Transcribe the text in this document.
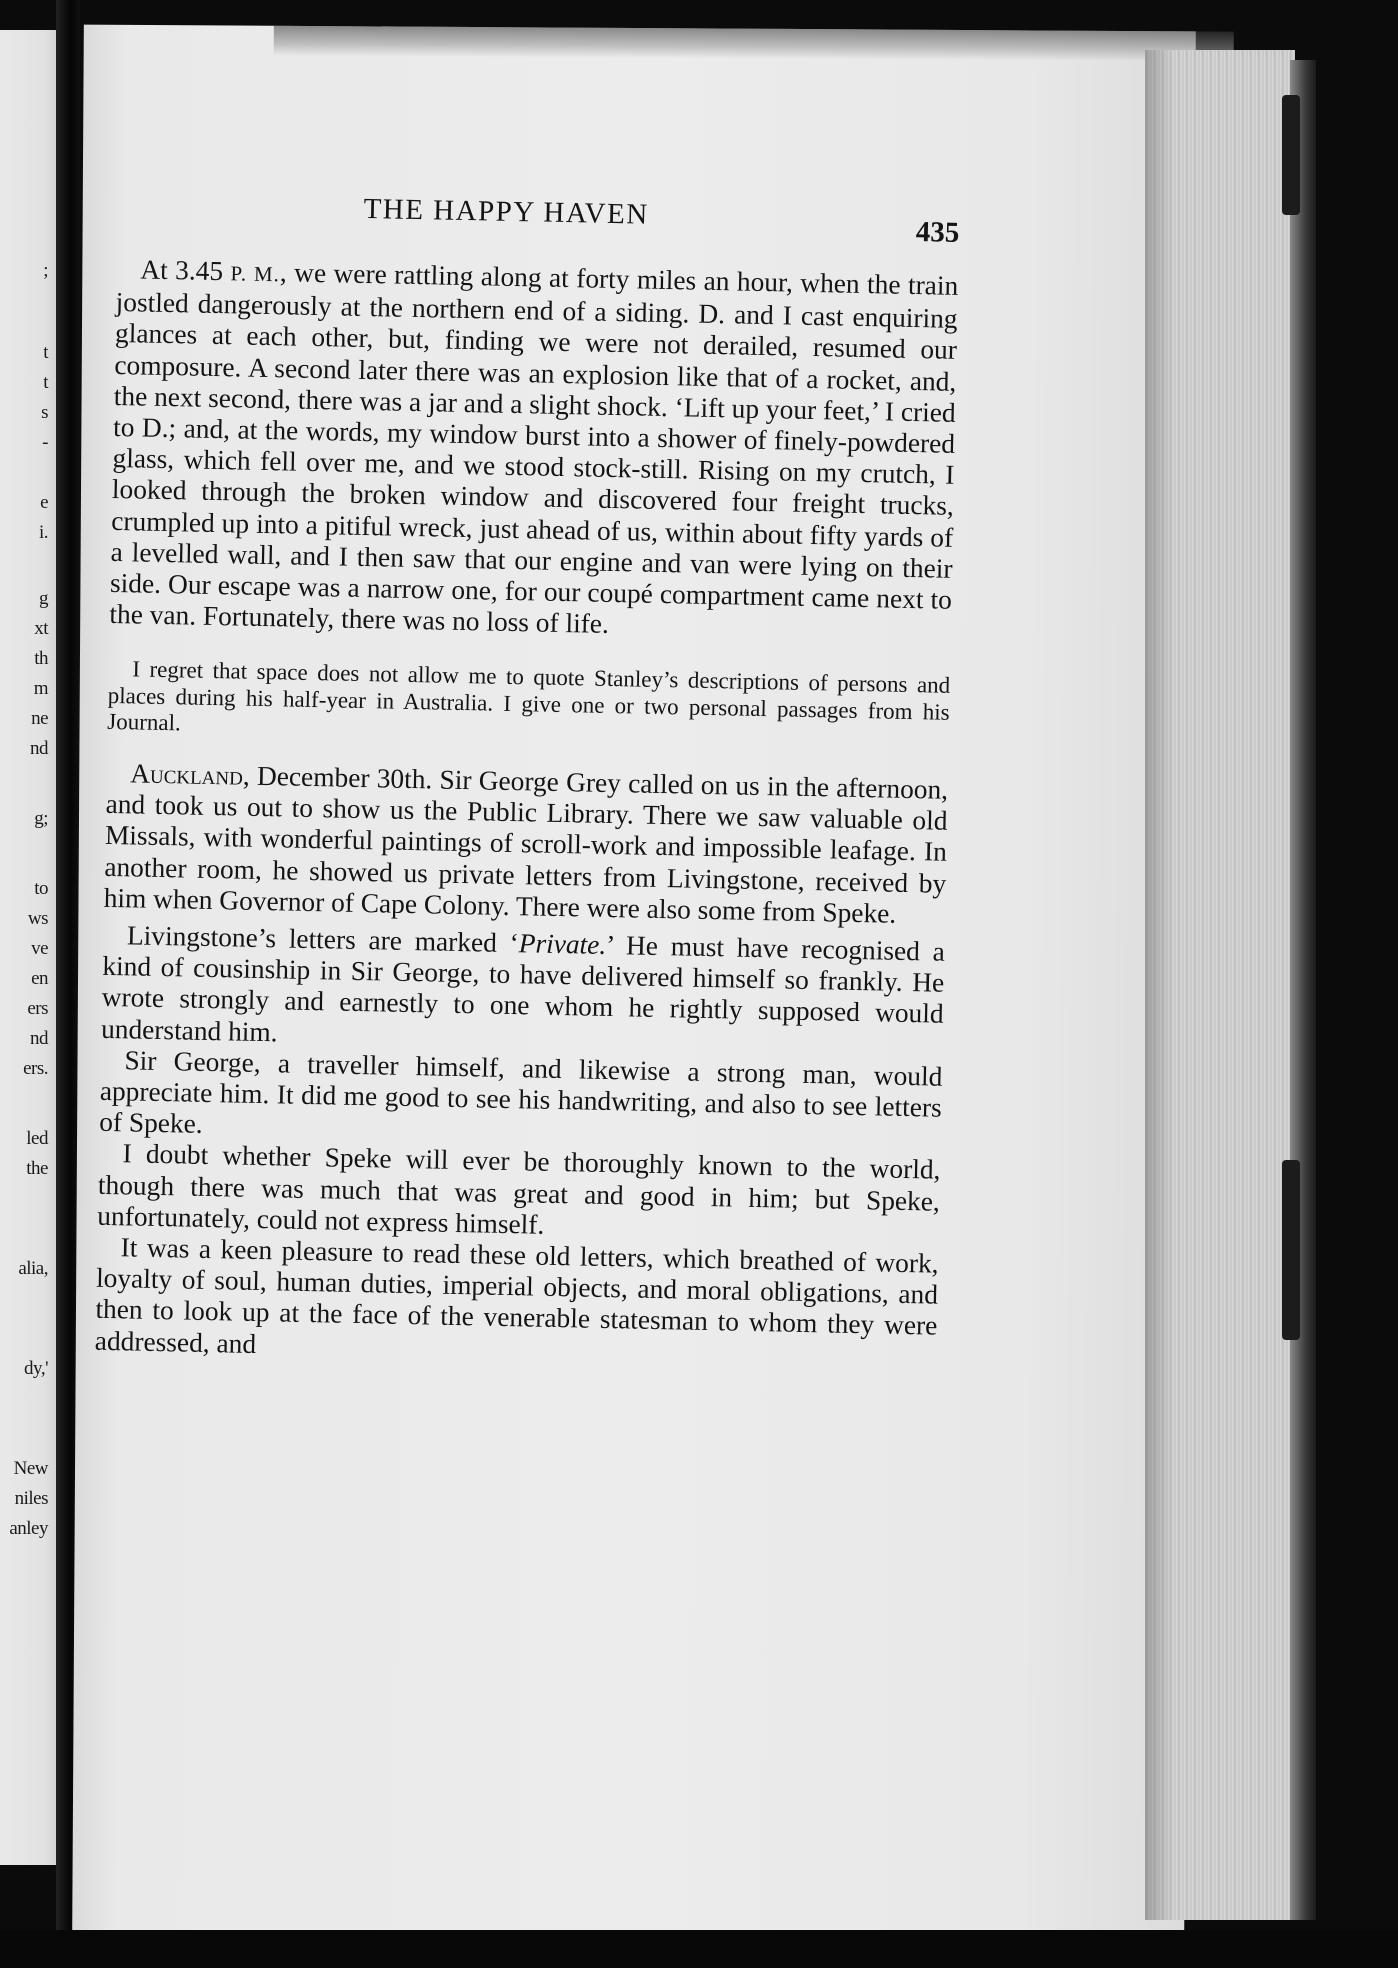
;
t
t
s
-
e
i.
g
xt
th
m
ne
nd
g;
to
ws
ve
en
ers
nd
ers.
led
the
alia,
dy,'
New
niles
anley
THE HAPPY HAVEN
435

At 3.45 P. M., we were rattling along at forty miles an hour, when the train jostled dangerously at the northern end of a siding. D. and I cast enquiring glances at each other, but, finding we were not derailed, resumed our composure. A second later there was an explosion like that of a rocket, and, the next second, there was a jar and a slight shock. ‘Lift up your feet,’ I cried to D.; and, at the words, my window burst into a shower of finely-powdered glass, which fell over me, and we stood stock-still. Rising on my crutch, I looked through the broken window and discovered four freight trucks, crumpled up into a pitiful wreck, just ahead of us, within about fifty yards of a levelled wall, and I then saw that our engine and van were lying on their side. Our escape was a narrow one, for our coupé compartment came next to the van. Fortunately, there was no loss of life.

I regret that space does not allow me to quote Stanley’s descriptions of persons and places during his half-year in Australia. I give one or two personal passages from his Journal.

Auckland, December 30th. Sir George Grey called on us in the afternoon, and took us out to show us the Public Library. There we saw valuable old Missals, with wonderful paintings of scroll-work and impossible leafage. In another room, he showed us private letters from Livingstone, received by him when Governor of Cape Colony. There were also some from Speke.

Livingstone’s letters are marked ‘Private.’ He must have recognised a kind of cousinship in Sir George, to have delivered himself so frankly. He wrote strongly and earnestly to one whom he rightly supposed would understand him.

Sir George, a traveller himself, and likewise a strong man, would appreciate him. It did me good to see his handwriting, and also to see letters of Speke.

I doubt whether Speke will ever be thoroughly known to the world, though there was much that was great and good in him; but Speke, unfortunately, could not express himself.

It was a keen pleasure to read these old letters, which breathed of work, loyalty of soul, human duties, imperial objects, and moral obligations, and then to look up at the face of the venerable statesman to whom they were addressed, and
